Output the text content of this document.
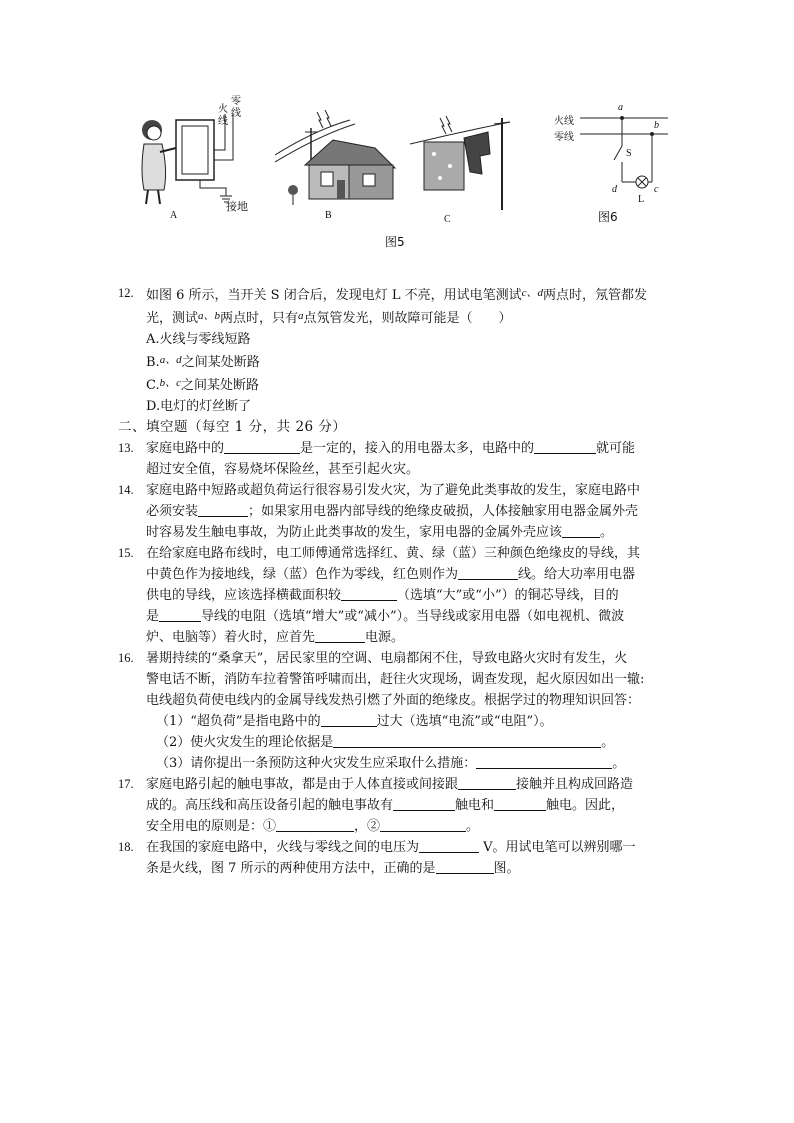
火
零
线
线
接地
A	B	C
火线
零线
a
b
c
d
S
L
图6
图5
12. 如图 6 所示，当开关 S 闭合后，发现电灯 L 不亮，用试电笔测试$^{c、d}$两点时，氖管都发
光，测试$^{a、b}$两点时，只有$^a$点氖管发光，则故障可能是（　　）
A.火线与零线短路
B.$^{a、d}$之间某处断路
C.$^{b、c}$之间某处断路
D.电灯的灯丝断了
二、填空题（每空 1 分，共 26 分）
13. 家庭电路中的	是一定的，接入的用电器太多，电路中的	就可能
超过安全值，容易烧坏保险丝，甚至引起火灾。
14. 家庭电路中短路或超负荷运行很容易引发火灾，为了避免此类事故的发生，家庭电路中
必须安装	；如果家用电器内部导线的绝缘皮破损，人体接触家用电器金属外壳
时容易发生触电事故，为防止此类事故的发生，家用电器的金属外壳应该	。
15. 在给家庭电路布线时，电工师傅通常选择红、黄、绿（蓝）三种颜色绝缘皮的导线，其
中黄色作为接地线，绿（蓝）色作为零线，红色则作为	线。给大功率用电器
供电的导线，应该选择横截面积较	（选填“大”或“小”）的铜芯导线，目的
是	导线的电阻（选填“增大”或“减小”）。当导线或家用电器（如电视机、微波
炉、电脑等）着火时，应首先	电源。
16. 暑期持续的“桑拿天”，居民家里的空调、电扇都闲不住，导致电路火灾时有发生，火
警电话不断，消防车拉着警笛呼啸而出，赶往火灾现场，调查发现，起火原因如出一辙:
电线超负荷使电线内的金属导线发热引燃了外面的绝缘皮。根据学过的物理知识回答：
（1）“超负荷”是指电路中的	过大（选填“电流”或“电阻”）。
（2）使火灾发生的理论依据是	。
（3）请你提出一条预防这种火灾发生应采取什么措施：	。
17. 家庭电路引起的触电事故，都是由于人体直接或间接跟	接触并且构成回路造
成的。高压线和高压设备引起的触电事故有	触电和	触电。因此，
安全用电的原则是：①	，②	。
18. 在我国的家庭电路中，火线与零线之间的电压为	V。用试电笔可以辨别哪一
条是火线，图 7 所示的两种使用方法中，正确的是	图。
